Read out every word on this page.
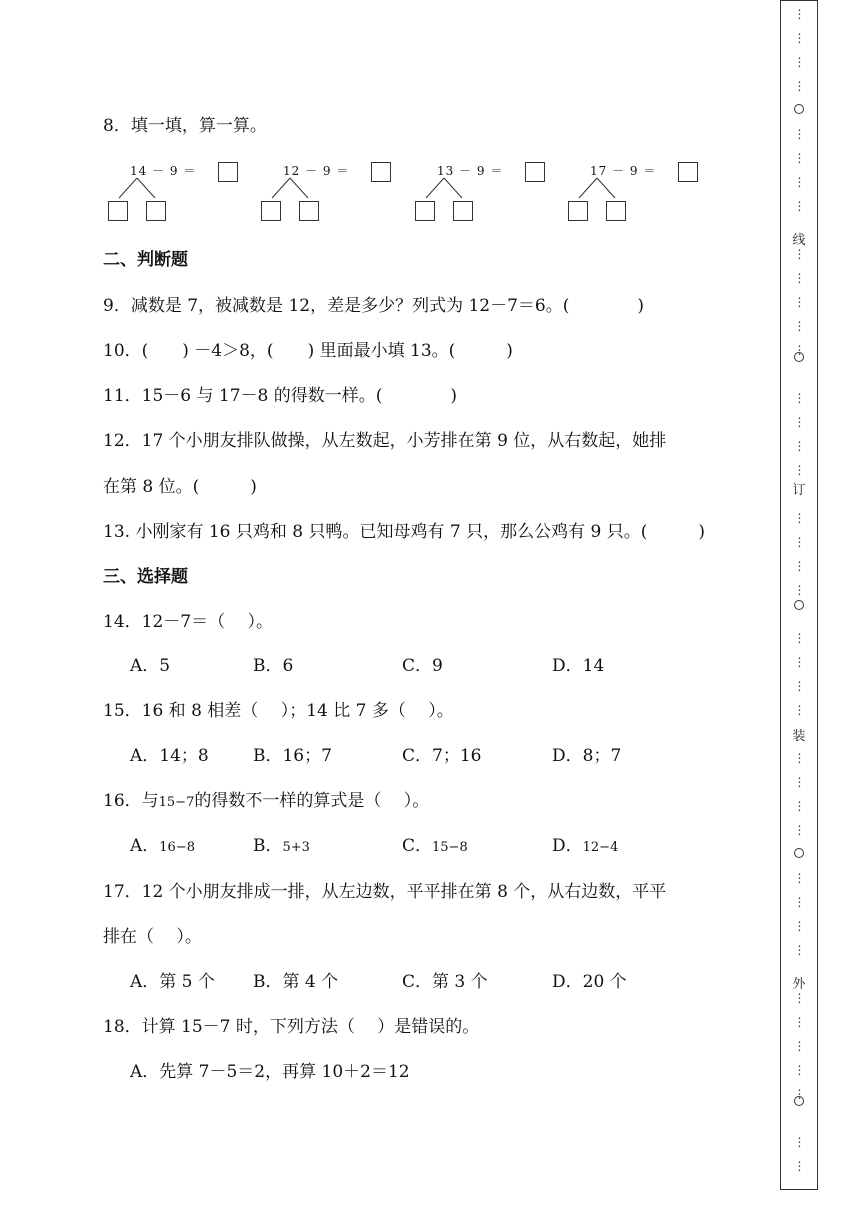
8．填一填，算一算。
14 － 9 ＝	12 － 9 ＝	13 － 9 ＝	17 － 9 ＝
二、判断题
9．减数是 7，被减数是 12，差是多少？列式为 12－7＝6。(　　　　)
10．(　　) －4＞8，(　　) 里面最小填 13。(　　　)
11．15－6 与 17－8 的得数一样。(　　　　)
12．17 个小朋友排队做操，从左数起，小芳排在第 9 位，从右数起，她排
在第 8 位。(　　　)
13. 小刚家有 16 只鸡和 8 只鸭。已知母鸡有 7 只，那么公鸡有 9 只。(　　　)
三、选择题
14．12－7＝（　 ）。
A．5	B．6	C．9	D．14
15．16 和 8 相差（　 ）；14 比 7 多（　 ）。
A．14；8	B．16；7	C．7；16	D．8；7
16．与15−7的得数不一样的算式是（　 ）。
A．16−8	B．5+3	C．15−8	D．12−4
17．12 个小朋友排成一排，从左边数，平平排在第 8 个，从右边数，平平
排在（　 ）。
A．第 5 个 B．第 4 个	C．第 3 个	D．20 个
18．计算 15－7 时，下列方法（　 ）是错误的。
A．先算 7－5＝2，再算 10＋2＝12
⋮
⋮
⋮
⋮
⋮
⋮
⋮
⋮
⋮
⋮
⋮
⋮
⋮
⋮
⋮
⋮
⋮
⋮
⋮
⋮
⋮
⋮
⋮
⋮
⋮
⋮
⋮
⋮
⋮
⋮
⋮
⋮
⋮
⋮
⋮
⋮
⋮
⋮
⋮
⋮
线
订
装
外
